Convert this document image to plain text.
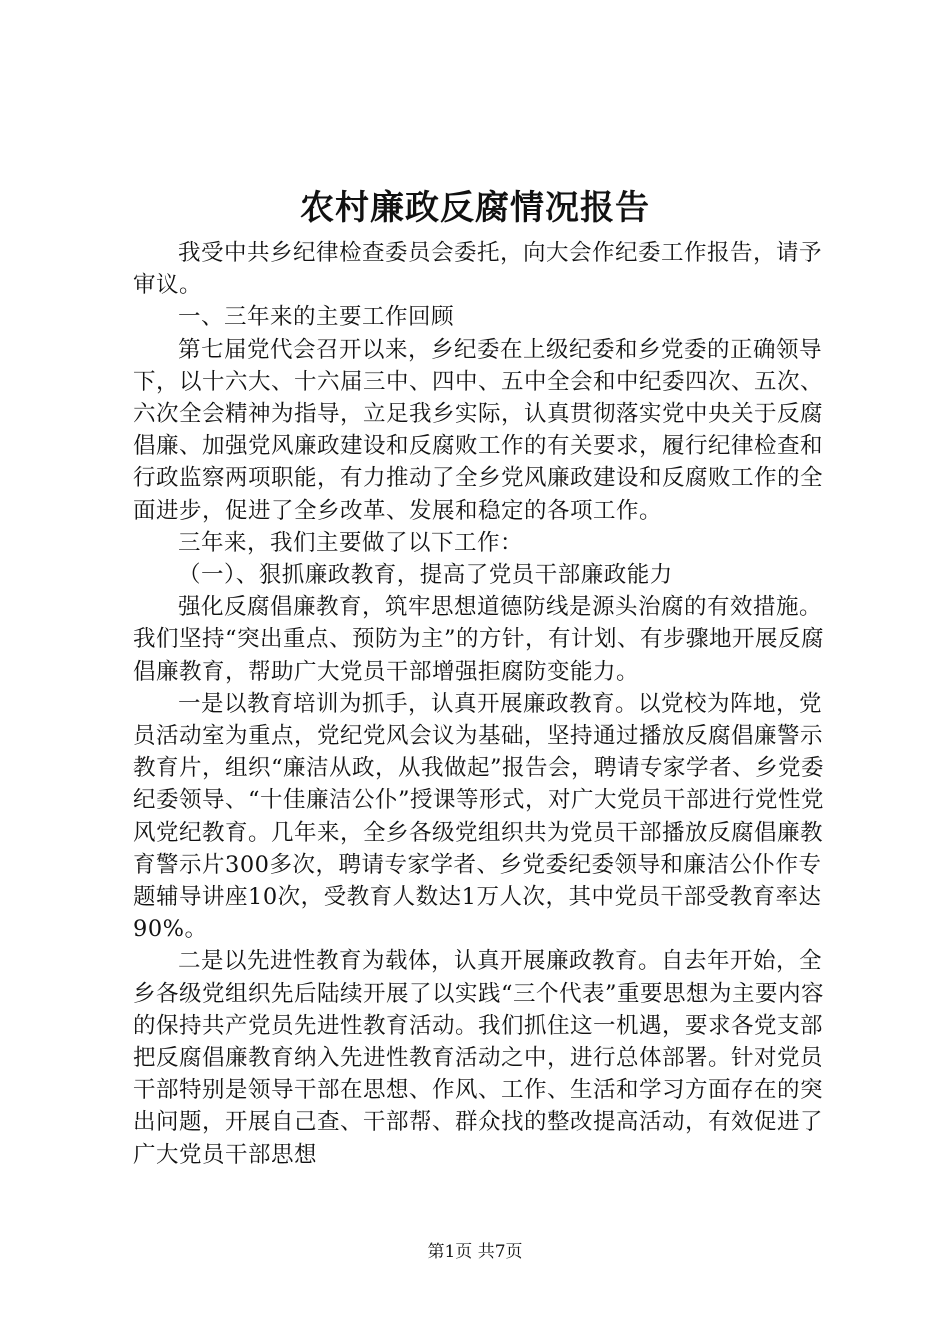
农村廉政反腐情况报告

我受中共乡纪律检查委员会委托，向大会作纪委工作报告，请予审议。

一、三年来的主要工作回顾

第七届党代会召开以来，乡纪委在上级纪委和乡党委的正确领导下，以十六大、十六届三中、四中、五中全会和中纪委四次、五次、六次全会精神为指导，立足我乡实际，认真贯彻落实党中央关于反腐倡廉、加强党风廉政建设和反腐败工作的有关要求，履行纪律检查和行政监察两项职能，有力推动了全乡党风廉政建设和反腐败工作的全面进步，促进了全乡改革、发展和稳定的各项工作。

三年来，我们主要做了以下工作：

（一）、狠抓廉政教育，提高了党员干部廉政能力

强化反腐倡廉教育，筑牢思想道德防线是源头治腐的有效措施。我们坚持“突出重点、预防为主”的方针，有计划、有步骤地开展反腐倡廉教育，帮助广大党员干部增强拒腐防变能力。

一是以教育培训为抓手，认真开展廉政教育。以党校为阵地，党员活动室为重点，党纪党风会议为基础，坚持通过播放反腐倡廉警示教育片，组织“廉洁从政，从我做起”报告会，聘请专家学者、乡党委纪委领导、“十佳廉洁公仆”授课等形式，对广大党员干部进行党性党风党纪教育。几年来，全乡各级党组织共为党员干部播放反腐倡廉教育警示片300多次，聘请专家学者、乡党委纪委领导和廉洁公仆作专题辅导讲座10次，受教育人数达1万人次，其中党员干部受教育率达90%。

二是以先进性教育为载体，认真开展廉政教育。自去年开始，全乡各级党组织先后陆续开展了以实践“三个代表”重要思想为主要内容的保持共产党员先进性教育活动。我们抓住这一机遇，要求各党支部把反腐倡廉教育纳入先进性教育活动之中，进行总体部署。针对党员干部特别是领导干部在思想、作风、工作、生活和学习方面存在的突出问题，开展自己查、干部帮、群众找的整改提高活动，有效促进了广大党员干部思想

第1页 共7页
